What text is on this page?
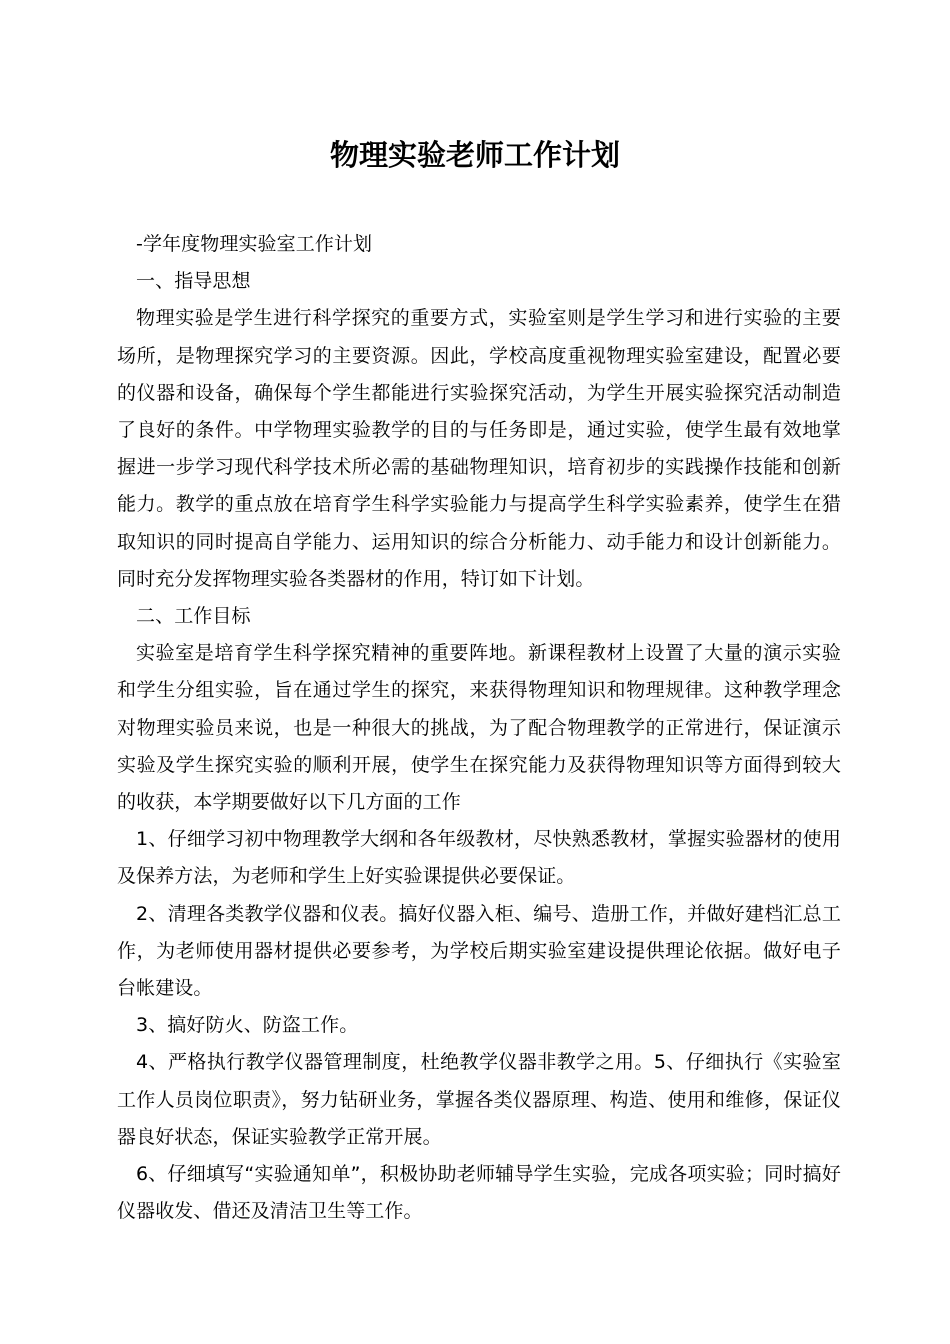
物理实验老师工作计划

-学年度物理实验室工作计划

一、指导思想

物理实验是学生进行科学探究的重要方式，实验室则是学生学习和进行实验的主要场所，是物理探究学习的主要资源。因此，学校高度重视物理实验室建设，配置必要的仪器和设备，确保每个学生都能进行实验探究活动，为学生开展实验探究活动制造了良好的条件。中学物理实验教学的目的与任务即是，通过实验，使学生最有效地掌握进一步学习现代科学技术所必需的基础物理知识，培育初步的实践操作技能和创新能力。教学的重点放在培育学生科学实验能力与提高学生科学实验素养，使学生在猎取知识的同时提高自学能力、运用知识的综合分析能力、动手能力和设计创新能力。同时充分发挥物理实验各类器材的作用，特订如下计划。

二、工作目标

实验室是培育学生科学探究精神的重要阵地。新课程教材上设置了大量的演示实验和学生分组实验，旨在通过学生的探究，来获得物理知识和物理规律。这种教学理念对物理实验员来说，也是一种很大的挑战，为了配合物理教学的正常进行，保证演示实验及学生探究实验的顺利开展，使学生在探究能力及获得物理知识等方面得到较大的收获，本学期要做好以下几方面的工作

1、仔细学习初中物理教学大纲和各年级教材，尽快熟悉教材，掌握实验器材的使用及保养方法，为老师和学生上好实验课提供必要保证。

2、清理各类教学仪器和仪表。搞好仪器入柜、编号、造册工作，并做好建档汇总工作，为老师使用器材提供必要参考，为学校后期实验室建设提供理论依据。做好电子台帐建设。

3、搞好防火、防盗工作。

4、严格执行教学仪器管理制度，杜绝教学仪器非教学之用。5、仔细执行《实验室工作人员岗位职责》，努力钻研业务，掌握各类仪器原理、构造、使用和维修，保证仪器良好状态，保证实验教学正常开展。

6、仔细填写“实验通知单”，积极协助老师辅导学生实验，完成各项实验；同时搞好仪器收发、借还及清洁卫生等工作。
